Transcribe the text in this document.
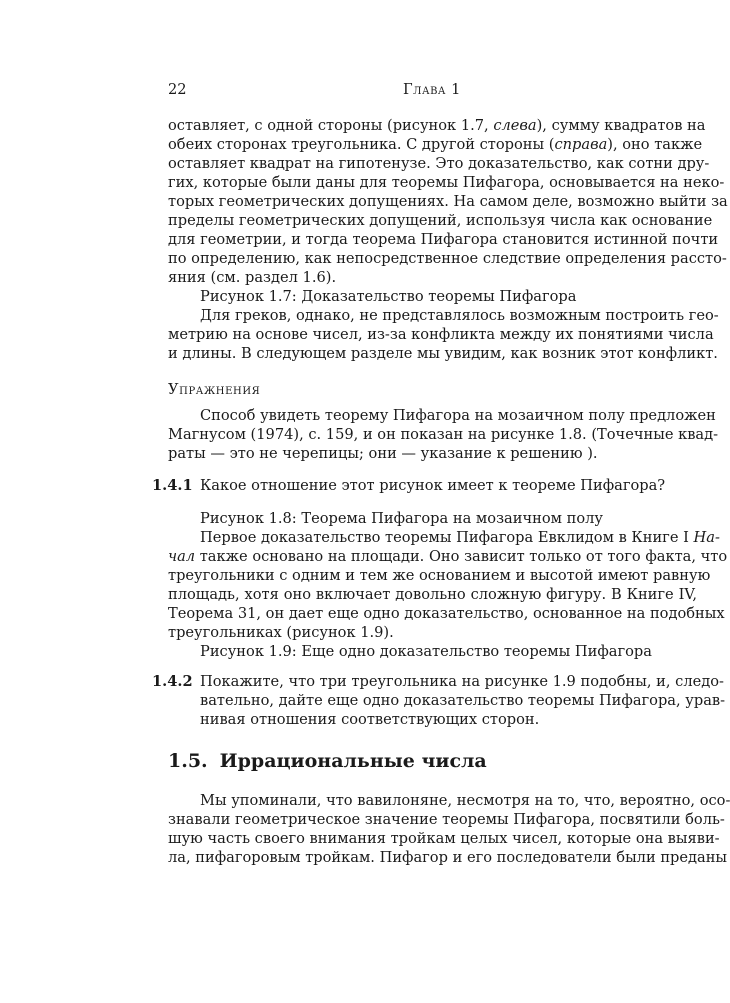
22	Глава 1
оставляет, с одной стороны (рисунок 1.7, слева), сумму квадратов на
обеих сторонах треугольника. С другой стороны (справа), оно также
оставляет квадрат на гипотенузе. Это доказательство, как сотни дру-
гих, которые были даны для теоремы Пифагора, основывается на неко-
торых геометрических допущениях. На самом деле, возможно выйти за
пределы геометрических допущений, используя числа как основание
для геометрии, и тогда теорема Пифагора становится истинной почти
по определению, как непосредственное следствие определения рассто-
яния (см. раздел 1.6).
Рисунок 1.7: Доказательство теоремы Пифагора
Для греков, однако, не представлялось возможным построить гео-
метрию на основе чисел, из-за конфликта между их понятиями числа
и длины. В следующем разделе мы увидим, как возник этот конфликт.
Упражнения
Способ увидеть теорему Пифагора на мозаичном полу предложен
Магнусом (1974), с. 159, и он показан на рисунке 1.8. (Точечные квад-
раты — это не черепицы; они — указание к решению ).
1.4.1 Какое отношение этот рисунок имеет к теореме Пифагора?
Рисунок 1.8: Теорема Пифагора на мозаичном полу
Первое доказательство теоремы Пифагора Евклидом в Книге I На-
чал также основано на площади. Оно зависит только от того факта, что
треугольники с одним и тем же основанием и высотой имеют равную
площадь, хотя оно включает довольно сложную фигуру. В Книге IV,
Теорема 31, он дает еще одно доказательство, основанное на подобных
треугольниках (рисунок 1.9).
Рисунок 1.9: Еще одно доказательство теоремы Пифагора
1.4.2 Покажите, что три треугольника на рисунке 1.9 подобны, и, следо-
вательно, дайте еще одно доказательство теоремы Пифагора, урав-
нивая отношения соответствующих сторон.
1.5. Иррациональные числа
Мы упоминали, что вавилоняне, несмотря на то, что, вероятно, осо-
знавали геометрическое значение теоремы Пифагора, посвятили боль-
шую часть своего внимания тройкам целых чисел, которые она выяви-
ла, пифагоровым тройкам. Пифагор и его последователи были преданы
